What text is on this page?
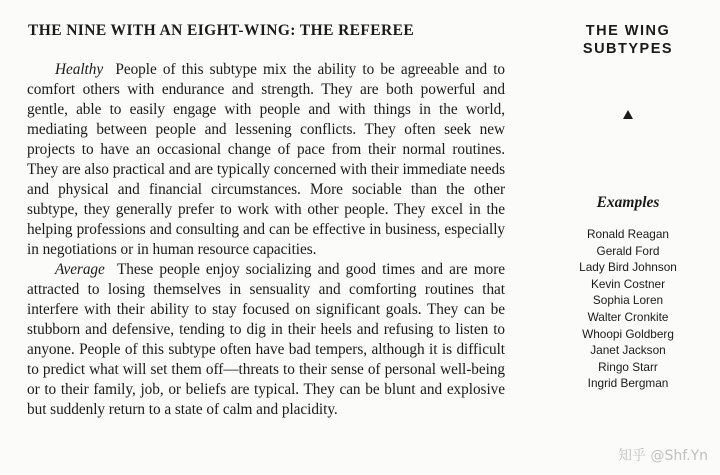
THE NINE WITH AN EIGHT-WING: THE REFEREE

Healthy People of this subtype mix the ability to be agreeable and to comfort others with endurance and strength. They are both powerful and gentle, able to easily engage with people and with things in the world, mediating between people and lessening conflicts. They often seek new projects to have an occasional change of pace from their normal routines. They are also practical and are typically concerned with their immediate needs and physical and financial circumstances. More sociable than the other subtype, they generally prefer to work with other people. They excel in the helping professions and consulting and can be effective in business, especially in negotiations or in human resource capacities.

Average These people enjoy socializing and good times and are more attracted to losing themselves in sensuality and comforting routines that interfere with their ability to stay focused on significant goals. They can be stubborn and defensive, tending to dig in their heels and refusing to listen to anyone. People of this subtype often have bad tempers, although it is difficult to predict what will set them off—threats to their sense of personal well-being or to their family, job, or beliefs are typical. They can be blunt and explosive but suddenly return to a state of calm and placidity.

THE WING
SUBTYPES
Examples
Ronald Reagan
Gerald Ford
Lady Bird Johnson
Kevin Costner
Sophia Loren
Walter Cronkite
Whoopi Goldberg
Janet Jackson
Ringo Starr
Ingrid Bergman
知乎 @Shf.Yn
